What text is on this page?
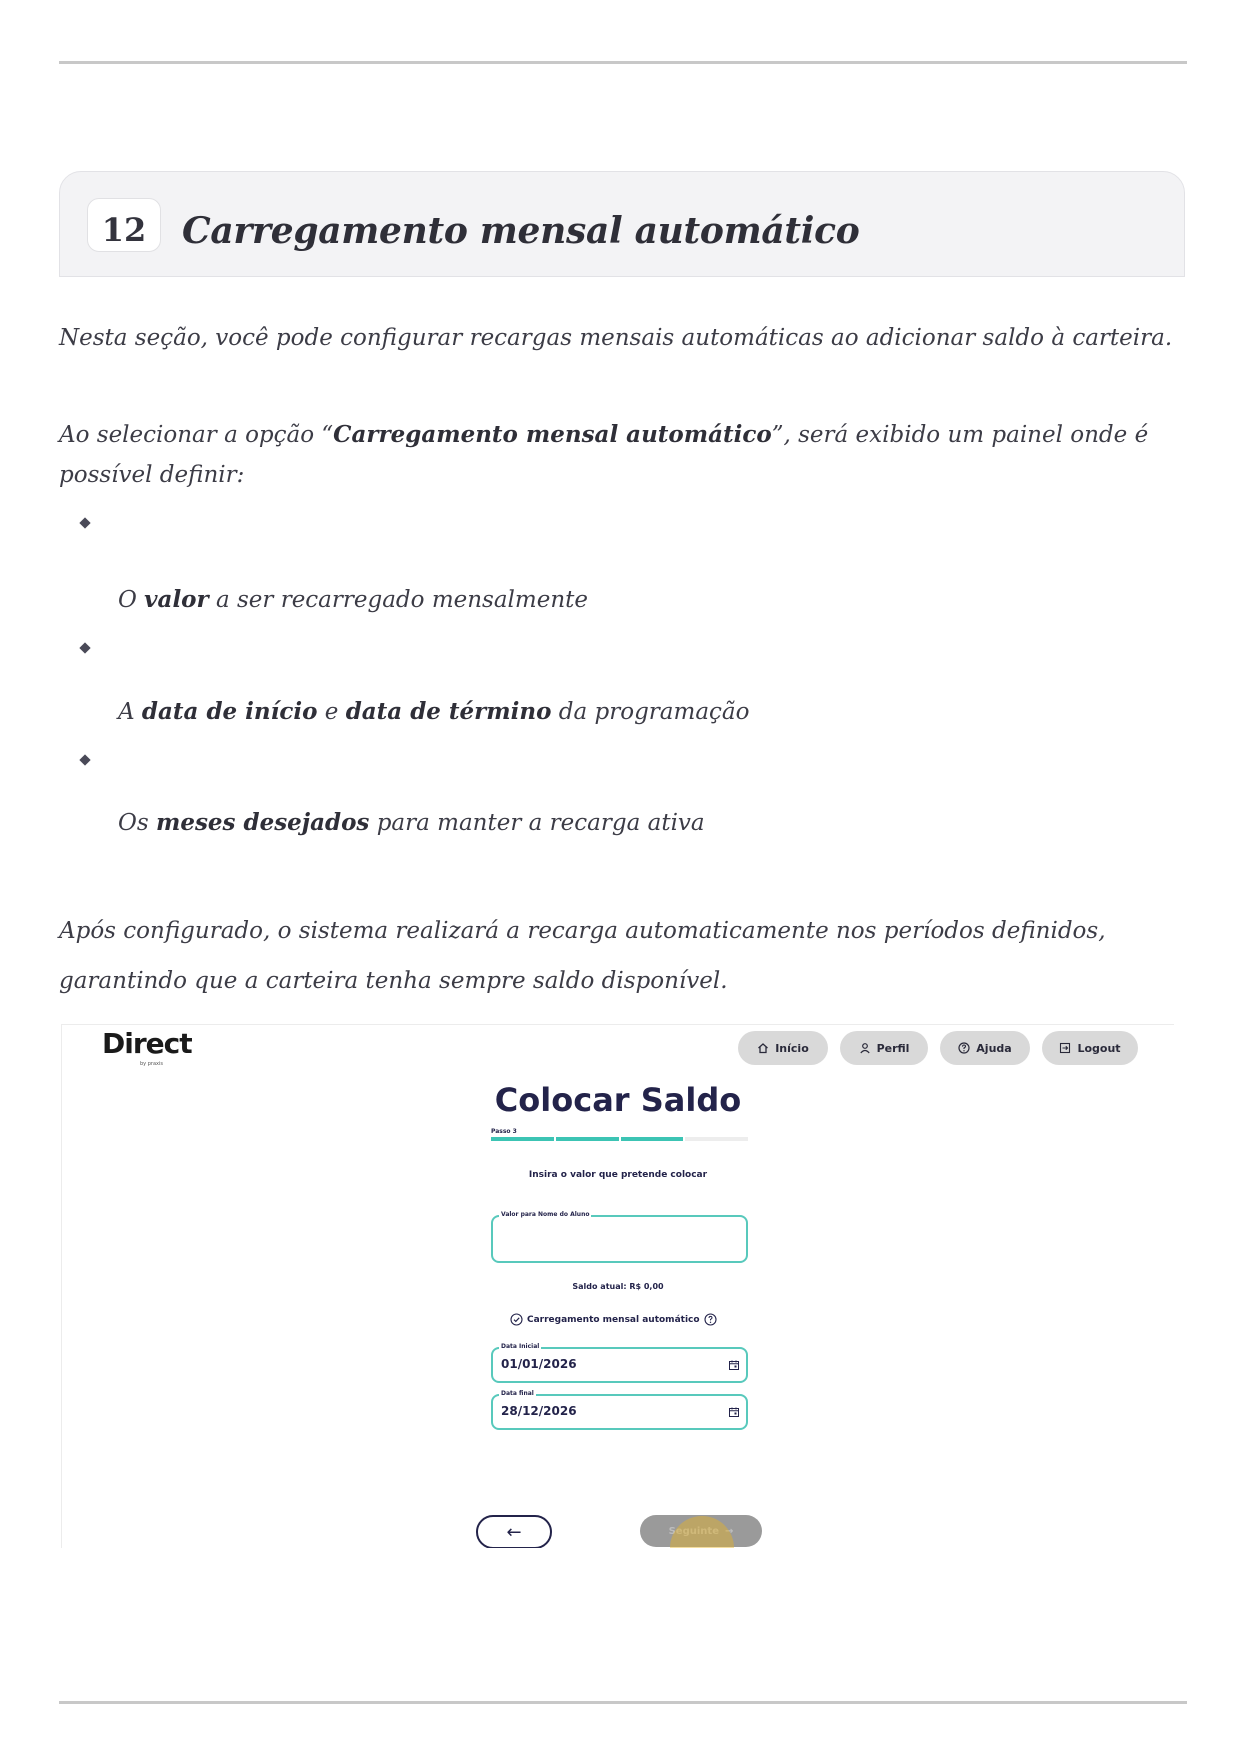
12 Carregamento mensal automático
Nesta seção, você pode configurar recargas mensais automáticas ao adicionar saldo à carteira.
Ao selecionar a opção “Carregamento mensal automático”, será exibido um painel onde é possível definir:
O valor a ser recarregado mensalmente
A data de início e data de término da programação
Os meses desejados para manter a recarga ativa
Após configurado, o sistema realizará a recarga automaticamente nos períodos definidos, garantindo que a carteira tenha sempre saldo disponível.
Direct
by praxis
Início	Perfil	Ajuda	Logout
Colocar Saldo
Passo 3
Insira o valor que pretende colocar
Valor para Nome do Aluno
Saldo atual: R$ 0,00
Carregamento mensal automático
Data Inicial
01/01/2026
Data final
28/12/2026
←	Seguinte →
